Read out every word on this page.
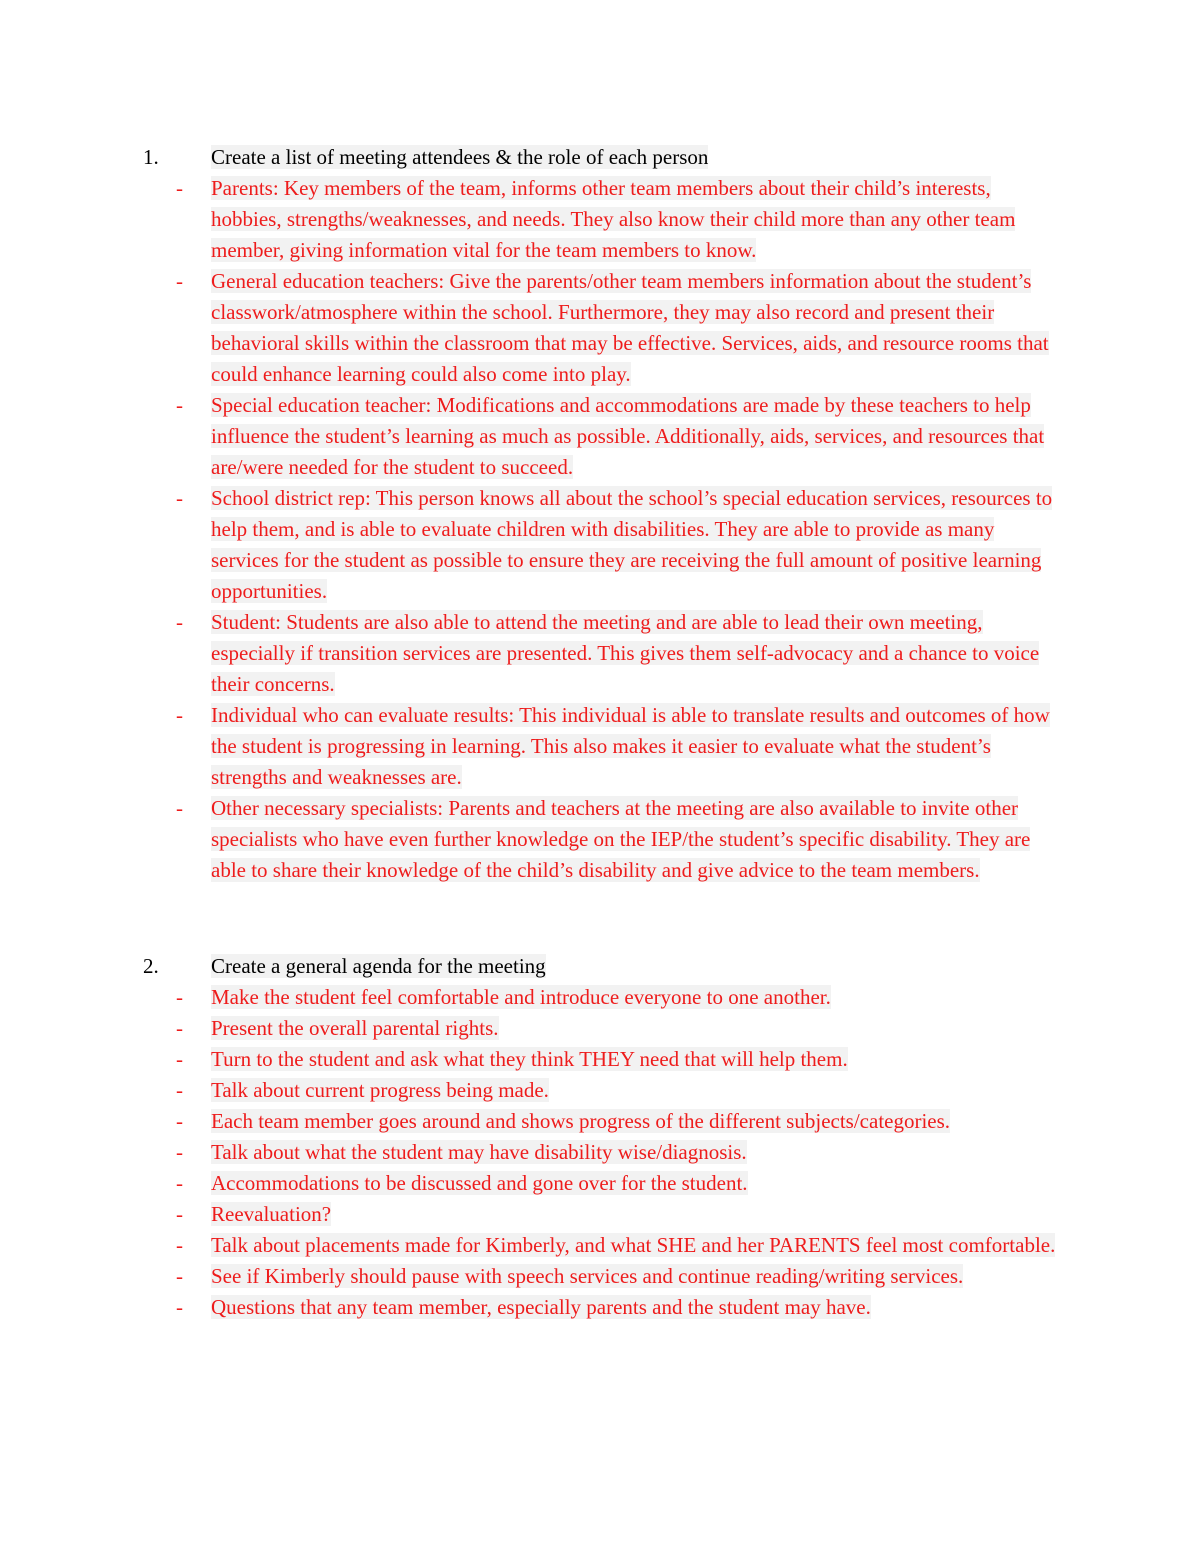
1. Create a list of meeting attendees & the role of each person
- Parents: Key members of the team, informs other team members about their child’s interests, hobbies, strengths/weaknesses, and needs. They also know their child more than any other team member, giving information vital for the team members to know.
- General education teachers: Give the parents/other team members information about the student’s classwork/atmosphere within the school. Furthermore, they may also record and present their behavioral skills within the classroom that may be effective. Services, aids, and resource rooms that could enhance learning could also come into play.
- Special education teacher: Modifications and accommodations are made by these teachers to help influence the student’s learning as much as possible. Additionally, aids, services, and resources that are/were needed for the student to succeed.
- School district rep: This person knows all about the school’s special education services, resources to help them, and is able to evaluate children with disabilities. They are able to provide as many services for the student as possible to ensure they are receiving the full amount of positive learning opportunities.
- Student: Students are also able to attend the meeting and are able to lead their own meeting, especially if transition services are presented. This gives them self-advocacy and a chance to voice their concerns.
- Individual who can evaluate results: This individual is able to translate results and outcomes of how the student is progressing in learning. This also makes it easier to evaluate what the student’s strengths and weaknesses are.
- Other necessary specialists: Parents and teachers at the meeting are also available to invite other specialists who have even further knowledge on the IEP/the student’s specific disability. They are able to share their knowledge of the child’s disability and give advice to the team members.
2. Create a general agenda for the meeting
- Make the student feel comfortable and introduce everyone to one another.
- Present the overall parental rights.
- Turn to the student and ask what they think THEY need that will help them.
- Talk about current progress being made.
- Each team member goes around and shows progress of the different subjects/categories.
- Talk about what the student may have disability wise/diagnosis.
- Accommodations to be discussed and gone over for the student.
- Reevaluation?
- Talk about placements made for Kimberly, and what SHE and her PARENTS feel most comfortable.
- See if Kimberly should pause with speech services and continue reading/writing services.
- Questions that any team member, especially parents and the student may have.
